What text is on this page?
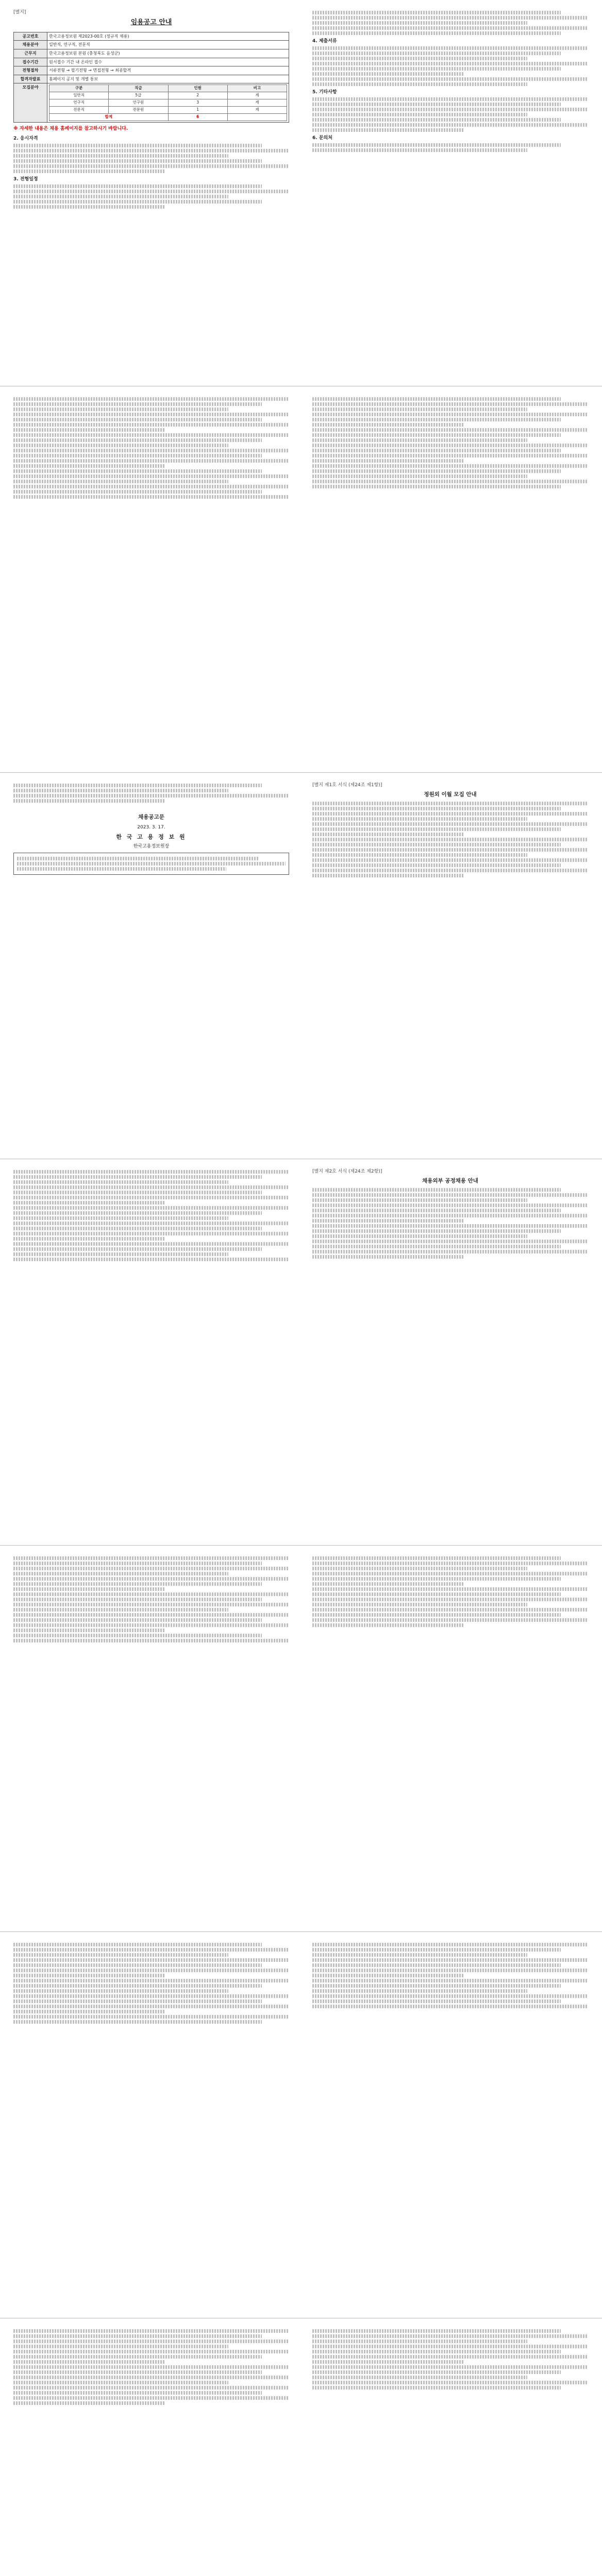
[별지]
임용공고 안내
공고번호	한국고용정보원 제2023-00호 (정규직 채용)
채용분야	일반직, 연구직, 전문직
근무지	한국고용정보원 본원 (충청북도 음성군)
접수기간	원서접수 기간 내 온라인 접수
전형절차	서류전형 → 필기전형 → 면접전형 → 최종합격
합격자발표	홈페이지 공지 및 개별 통보
모집분야		구분	직급	인원	비고
일반직	5급	2	계
연구직	연구원	3	계
전문직	전문원	1	계
합계	6	

※ 자세한 내용은 채용 홈페이지를 참고하시기 바랍니다.

2. 응시자격
3. 전형일정
4. 제출서류
5. 기타사항
6. 문의처
채용공고문
2023. 3. 17.
한 국 고 용 정 보 원
한국고용정보원장
[별지 제1호 서식 (제24조 제1항)]
정원외 이월 모집 안내
[별지 제2호 서식 (제24조 제2항)]
채용외부 공정채용 안내
